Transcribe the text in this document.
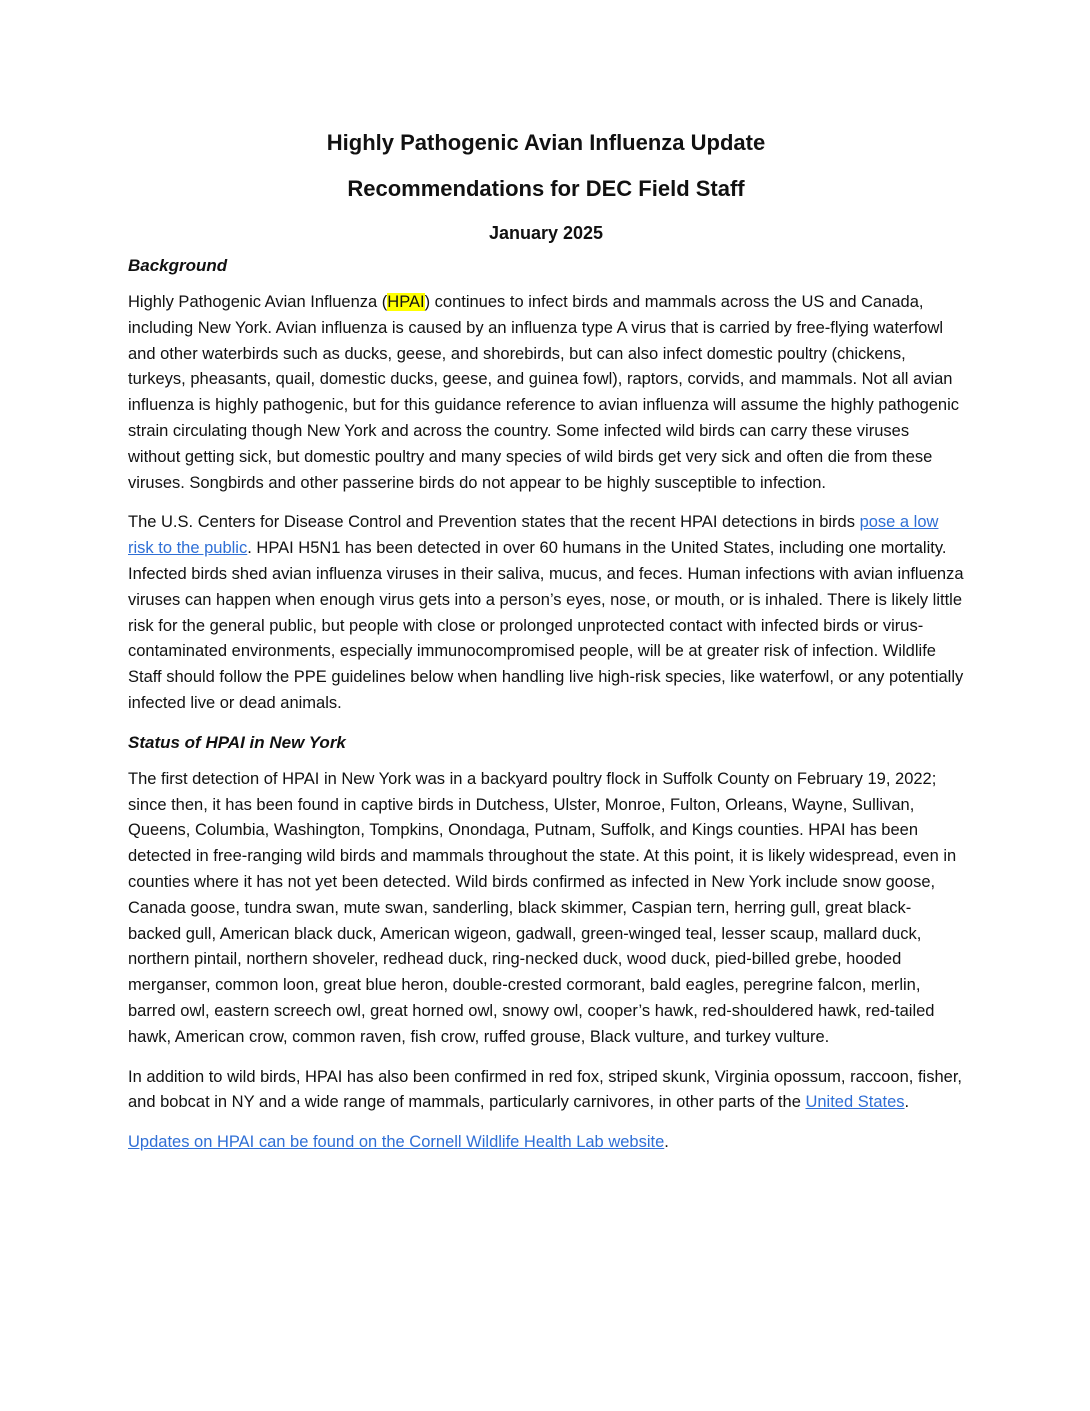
Highly Pathogenic Avian Influenza Update
Recommendations for DEC Field Staff
January 2025
Background

Highly Pathogenic Avian Influenza (HPAI) continues to infect birds and mammals across the US and Canada, including New York. Avian influenza is caused by an influenza type A virus that is carried by free-flying waterfowl and other waterbirds such as ducks, geese, and shorebirds, but can also infect domestic poultry (chickens, turkeys, pheasants, quail, domestic ducks, geese, and guinea fowl), raptors, corvids, and mammals. Not all avian influenza is highly pathogenic, but for this guidance reference to avian influenza will assume the highly pathogenic strain circulating though New York and across the country. Some infected wild birds can carry these viruses without getting sick, but domestic poultry and many species of wild birds get very sick and often die from these viruses. Songbirds and other passerine birds do not appear to be highly susceptible to infection.

The U.S. Centers for Disease Control and Prevention states that the recent HPAI detections in birds pose a low risk to the public. HPAI H5N1 has been detected in over 60 humans in the United States, including one mortality. Infected birds shed avian influenza viruses in their saliva, mucus, and feces. Human infections with avian influenza viruses can happen when enough virus gets into a person’s eyes, nose, or mouth, or is inhaled. There is likely little risk for the general public, but people with close or prolonged unprotected contact with infected birds or virus-contaminated environments, especially immunocompromised people, will be at greater risk of infection. Wildlife Staff should follow the PPE guidelines below when handling live high-risk species, like waterfowl, or any potentially infected live or dead animals.

Status of HPAI in New York

The first detection of HPAI in New York was in a backyard poultry flock in Suffolk County on February 19, 2022; since then, it has been found in captive birds in Dutchess, Ulster, Monroe, Fulton, Orleans, Wayne, Sullivan, Queens, Columbia, Washington, Tompkins, Onondaga, Putnam, Suffolk, and Kings counties. HPAI has been detected in free-ranging wild birds and mammals throughout the state. At this point, it is likely widespread, even in counties where it has not yet been detected. Wild birds confirmed as infected in New York include snow goose, Canada goose, tundra swan, mute swan, sanderling, black skimmer, Caspian tern, herring gull, great black-backed gull, American black duck, American wigeon, gadwall, green-winged teal, lesser scaup, mallard duck, northern pintail, northern shoveler, redhead duck, ring-necked duck, wood duck, pied-billed grebe, hooded merganser, common loon, great blue heron, double-crested cormorant, bald eagles, peregrine falcon, merlin, barred owl, eastern screech owl, great horned owl, snowy owl, cooper’s hawk, red-shouldered hawk, red-tailed hawk, American crow, common raven, fish crow, ruffed grouse, Black vulture, and turkey vulture.

In addition to wild birds, HPAI has also been confirmed in red fox, striped skunk, Virginia opossum, raccoon, fisher, and bobcat in NY and a wide range of mammals, particularly carnivores, in other parts of the United States.

Updates on HPAI can be found on the Cornell Wildlife Health Lab website.
